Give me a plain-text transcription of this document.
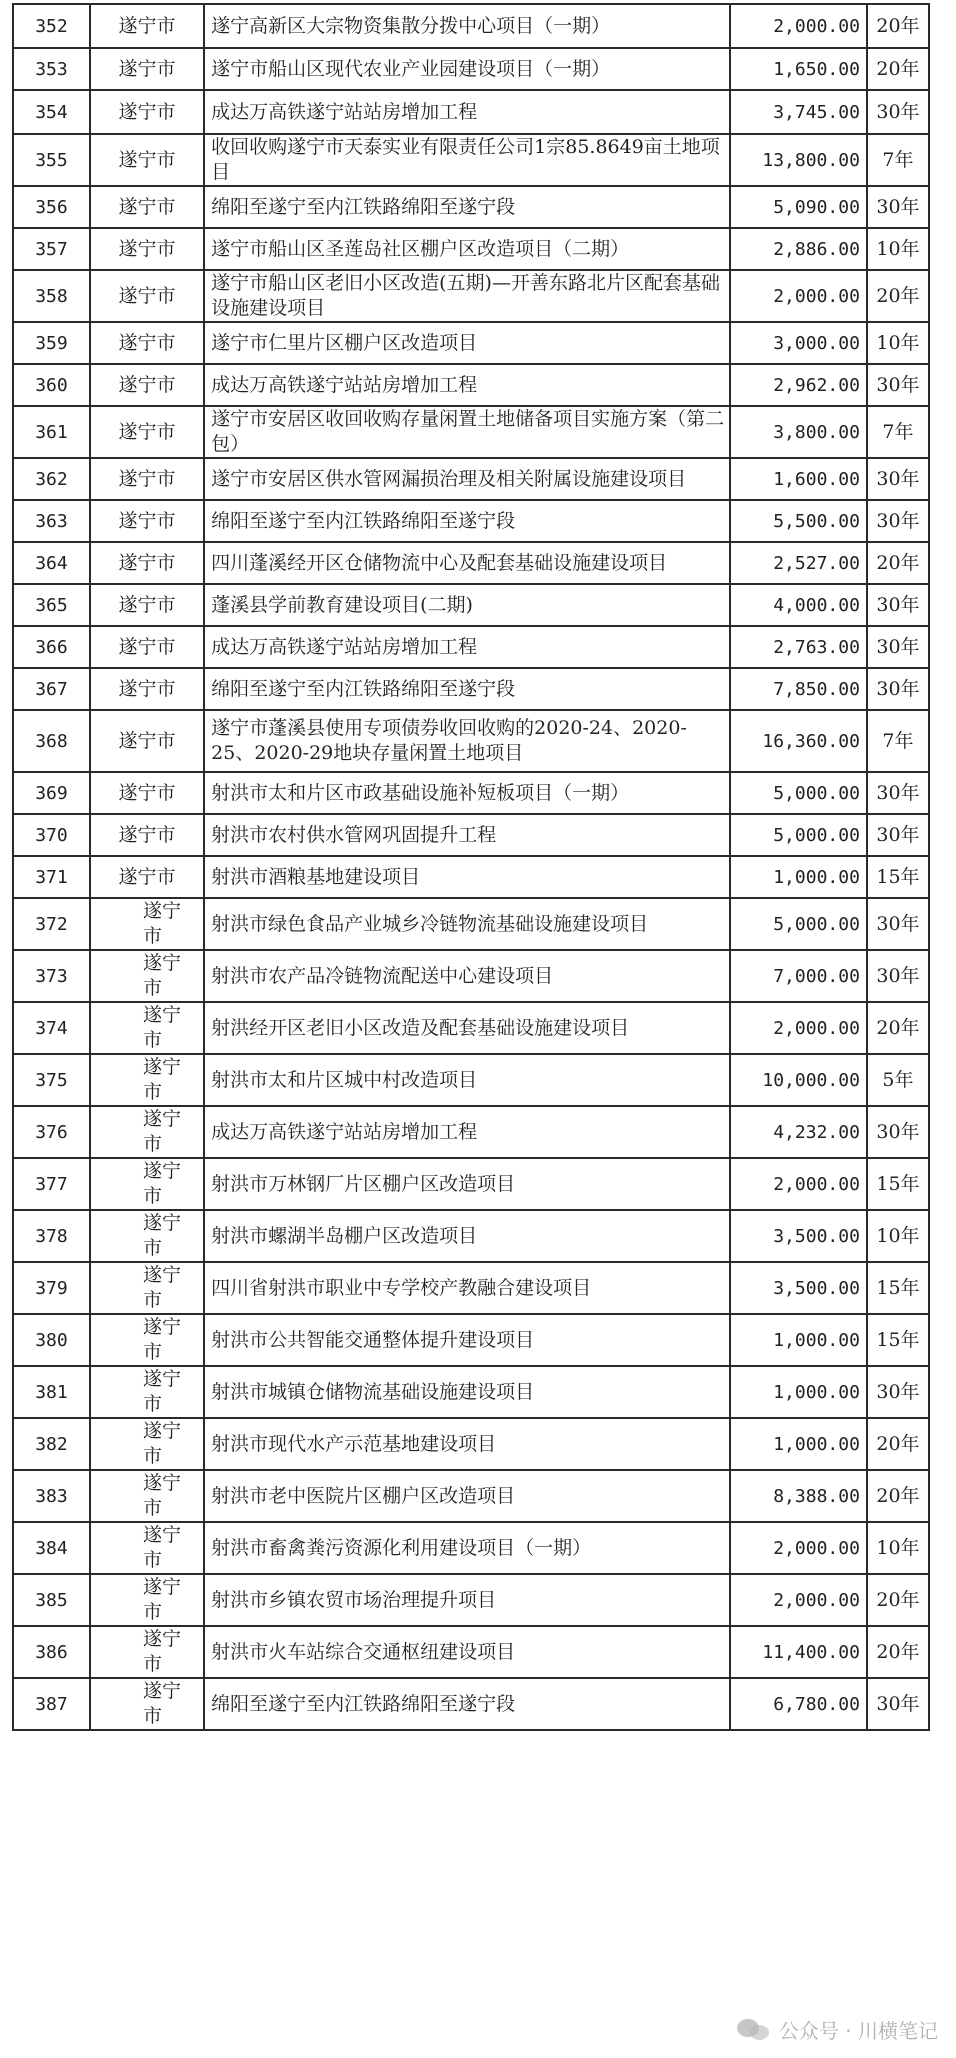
352	遂宁市	遂宁高新区大宗物资集散分拨中心项目（一期）	2,000.00	20年
353	遂宁市	遂宁市船山区现代农业产业园建设项目（一期）	1,650.00	20年
354	遂宁市	成达万高铁遂宁站站房增加工程	3,745.00	30年
355	遂宁市	收回收购遂宁市天泰实业有限责任公司1宗85.8649亩土地项目	13,800.00	7年
356	遂宁市	绵阳至遂宁至内江铁路绵阳至遂宁段	5,090.00	30年
357	遂宁市	遂宁市船山区圣莲岛社区棚户区改造项目（二期）	2,886.00	10年
358	遂宁市	遂宁市船山区老旧小区改造(五期)—开善东路北片区配套基础设施建设项目	2,000.00	20年
359	遂宁市	遂宁市仁里片区棚户区改造项目	3,000.00	10年
360	遂宁市	成达万高铁遂宁站站房增加工程	2,962.00	30年
361	遂宁市	遂宁市安居区收回收购存量闲置土地储备项目实施方案（第二包）	3,800.00	7年
362	遂宁市	遂宁市安居区供水管网漏损治理及相关附属设施建设项目	1,600.00	30年
363	遂宁市	绵阳至遂宁至内江铁路绵阳至遂宁段	5,500.00	30年
364	遂宁市	四川蓬溪经开区仓储物流中心及配套基础设施建设项目	2,527.00	20年
365	遂宁市	蓬溪县学前教育建设项目(二期)	4,000.00	30年
366	遂宁市	成达万高铁遂宁站站房增加工程	2,763.00	30年
367	遂宁市	绵阳至遂宁至内江铁路绵阳至遂宁段	7,850.00	30年
368	遂宁市	遂宁市蓬溪县使用专项债券收回收购的2020-24、2020-25、2020-29地块存量闲置土地项目	16,360.00	7年
369	遂宁市	射洪市太和片区市政基础设施补短板项目（一期）	5,000.00	30年
370	遂宁市	射洪市农村供水管网巩固提升工程	5,000.00	30年
371	遂宁市	射洪市酒粮基地建设项目	1,000.00	15年
372	遂宁市	射洪市绿色食品产业城乡冷链物流基础设施建设项目	5,000.00	30年
373	遂宁市	射洪市农产品冷链物流配送中心建设项目	7,000.00	30年
374	遂宁市	射洪经开区老旧小区改造及配套基础设施建设项目	2,000.00	20年
375	遂宁市	射洪市太和片区城中村改造项目	10,000.00	5年
376	遂宁市	成达万高铁遂宁站站房增加工程	4,232.00	30年
377	遂宁市	射洪市万林钢厂片区棚户区改造项目	2,000.00	15年
378	遂宁市	射洪市螺湖半岛棚户区改造项目	3,500.00	10年
379	遂宁市	四川省射洪市职业中专学校产教融合建设项目	3,500.00	15年
380	遂宁市	射洪市公共智能交通整体提升建设项目	1,000.00	15年
381	遂宁市	射洪市城镇仓储物流基础设施建设项目	1,000.00	30年
382	遂宁市	射洪市现代水产示范基地建设项目	1,000.00	20年
383	遂宁市	射洪市老中医院片区棚户区改造项目	8,388.00	20年
384	遂宁市	射洪市畜禽粪污资源化利用建设项目（一期）	2,000.00	10年
385	遂宁市	射洪市乡镇农贸市场治理提升项目	2,000.00	20年
386	遂宁市	射洪市火车站综合交通枢纽建设项目	11,400.00	20年
387	遂宁市	绵阳至遂宁至内江铁路绵阳至遂宁段	6,780.00	30年
公众号 · 川横笔记
